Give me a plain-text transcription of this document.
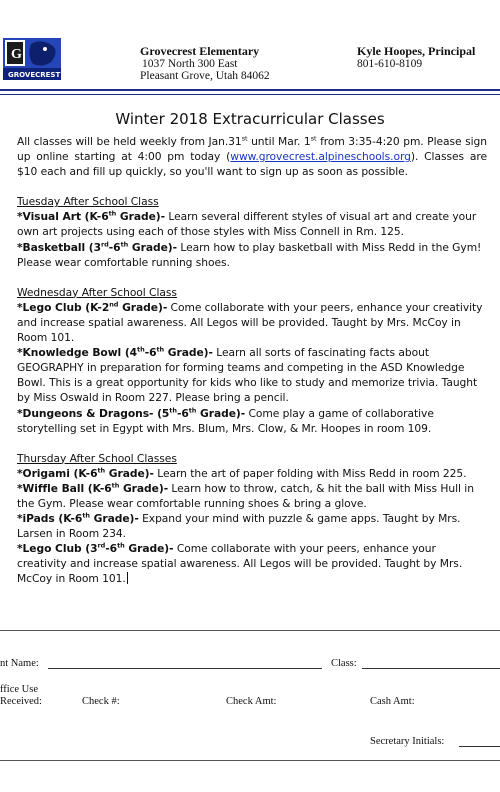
G
GROVECREST
Grovecrest Elementary
1037 North 300 East
Pleasant Grove, Utah 84062
Kyle Hoopes, Principal
801-610-8109
Winter 2018 Extracurricular Classes

All classes will be held weekly from Jan.31st until Mar. 1st from 3:35-4:20 pm. Please sign up online starting at 4:00 pm today (www.grovecrest.alpineschools.org). Classes are $10 each and fill up quickly, so you'll want to sign up as soon as possible.

Tuesday After School Class

*Visual Art (K-6th Grade)- Learn several different styles of visual art and create your own art projects using each of those styles with Miss Connell in Rm. 125.

*Basketball (3rd-6th Grade)- Learn how to play basketball with Miss Redd in the Gym! Please wear comfortable running shoes.

Wednesday After School Class

*Lego Club (K-2nd Grade)- Come collaborate with your peers, enhance your creativity and increase spatial awareness. All Legos will be provided. Taught by Mrs. McCoy in Room 101.

*Knowledge Bowl (4th-6th Grade)- Learn all sorts of fascinating facts about GEOGRAPHY in preparation for forming teams and competing in the ASD Knowledge Bowl. This is a great opportunity for kids who like to study and memorize trivia. Taught by Miss Oswald in Room 227. Please bring a pencil.

*Dungeons & Dragons- (5th-6th Grade)- Come play a game of collaborative storytelling set in Egypt with Mrs. Blum, Mrs. Clow, & Mr. Hoopes in room 109.

Thursday After School Classes

*Origami (K-6th Grade)- Learn the art of paper folding with Miss Redd in room 225.

*Wiffle Ball (K-6th Grade)- Learn how to throw, catch, & hit the ball with Miss Hull in the Gym. Please wear comfortable running shoes & bring a glove.

*iPads (K-6th Grade)- Expand your mind with puzzle & game apps. Taught by Mrs. Larsen in Room 234.

*Lego Club (3rd-6th Grade)- Come collaborate with your peers, enhance your creativity and increase spatial awareness. All Legos will be provided. Taught by Mrs. McCoy in Room 101.

nt Name:	Class:
ffice Use
Received:	Check #:	Check Amt:	Cash Amt:
Secretary Initials:
